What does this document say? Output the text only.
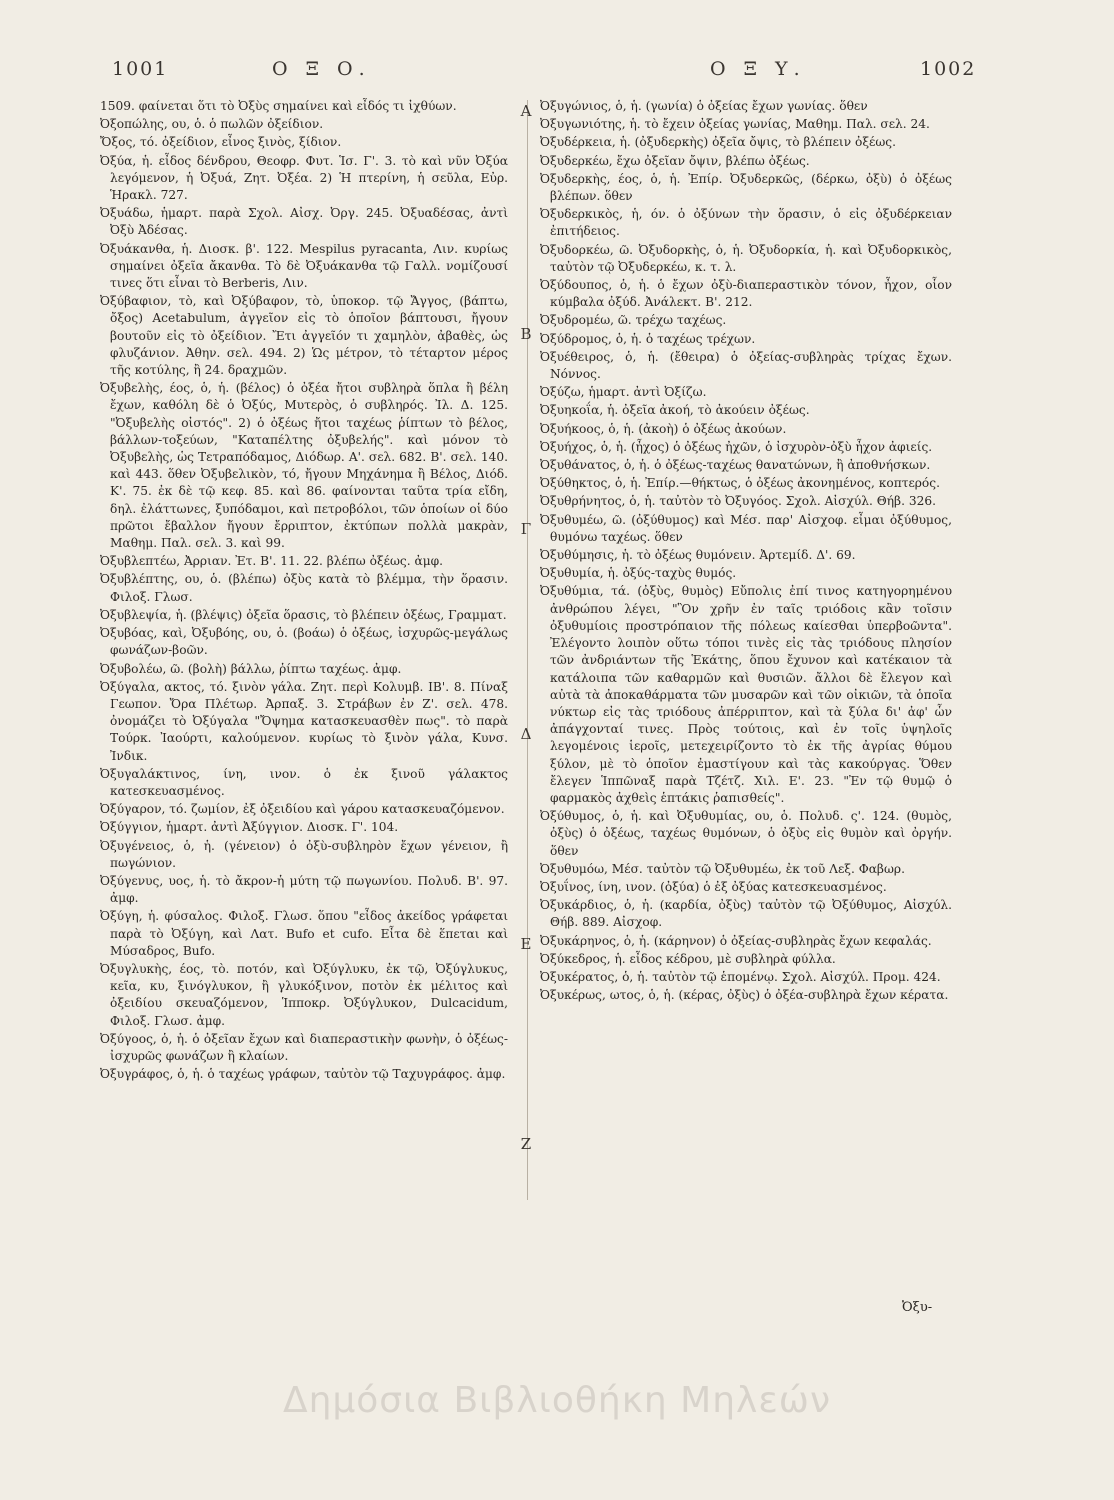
1001	Ο Ξ Ο.	Ο Ξ Υ.	1002
1509. φαίνεται ὅτι τὸ Ὀξὺς σημαίνει καὶ εἶδός τι ἰχθύων.
Ὀξοπώλης, ου, ὁ. ὁ πωλῶν ὀξείδιον.
Ὄξος, τό. ὀξείδιον, εἶνος ξινὸς, ξίδιον.
Ὀξύα, ἡ. εἶδος δένδρου, Θεοφρ. Φυτ. Ἱσ. Γ'. 3. τὸ καὶ νῦν Ὀξύα λεγόμενον, ἡ Ὀξυά, Ζητ. Ὀξέα. 2) Ἡ πτερίνη, ἡ σεῦλα, Εὐρ. Ἡρακλ. 727.
Ὀξυάδω, ἡμαρτ. παρὰ Σχολ. Αἰσχ. Ὀργ. 245. Ὀξυαδέσας, ἀντὶ Ὀξὺ Ἀδέσας.
Ὀξυάκανθα, ἡ. Διοσκ. β'. 122. Mespilus pyracanta, Λιν. κυρίως σημαίνει ὀξεῖα ἄκανθα. Τὸ δὲ Ὀξυάκανθα τῷ Γαλλ. νομίζουσί τινες ὅτι εἶναι τὸ Berberis, Λιν.
Ὀξύβαφιον, τὸ, καὶ Ὀξύβαφον, τὸ, ὑποκορ. τῷ Ἄγγος, (βάπτω, ὄξος) Acetabulum, ἀγγεῖον εἰς τὸ ὁποῖον βάπτουσι, ἤγουν βουτοῦν εἰς τὸ ὀξείδιον. Ἔτι ἀγγεῖόν τι χαμηλὸν, ἀβαθὲς, ὡς φλυζάνιον. Ἀθην. σελ. 494. 2) Ὡς μέτρον, τὸ τέταρτον μέρος τῆς κοτύλης, ἢ 24. δραχμῶν.
Ὀξυβελὴς, έος, ὁ, ἡ. (βέλος) ὁ ὀξέα ἤτοι συβληρὰ ὅπλα ἢ βέλη ἔχων, καθόλη δὲ ὁ Ὀξύς, Μυτερὸς, ὁ συβληρός. Ἰλ. Δ. 125. "Ὀξυβελὴς οἰστός". 2) ὁ ὀξέως ἤτοι ταχέως ῥίπτων τὸ βέλος, βάλλων-τοξεύων, "Καταπέλτης ὀξυβελής". καὶ μόνον τὸ Ὀξυβελὴς, ὡς Τετραπόδαμος, Διόδωρ. Α'. σελ. 682. Β'. σελ. 140. καὶ 443. ὅθεν Ὀξυβελικὸν, τό, ἤγουν Μηχάνημα ἢ Βέλος, Διόδ. Κ'. 75. ἐκ δὲ τῷ κεφ. 85. καὶ 86. φαίνονται ταῦτα τρία εἴδη, δηλ. ἐλάττωνες, ξυπόδαμοι, καὶ πετροβόλοι, τῶν ὁποίων οἱ δύο πρῶτοι ἔβαλλον ἤγουν ἔρριπτον, ἐκτύπων πολλὰ μακρὰν, Μαθημ. Παλ. σελ. 3. καὶ 99.
Ὀξυβλεπτέω, Ἀρριαν. Ἐτ. Β'. 11. 22. βλέπω ὀξέως. ἀμφ.
Ὀξυβλέπτης, ου, ὁ. (βλέπω) ὀξὺς κατὰ τὸ βλέμμα, τὴν ὅρασιν. Φιλοξ. Γλωσ.
Ὀξυβλεψία, ἡ. (βλέψις) ὀξεῖα ὅρασις, τὸ βλέπειν ὀξέως, Γραμματ.
Ὀξυβόας, καὶ, Ὀξυβόης, ου, ὁ. (βοάω) ὁ ὀξέως, ἰσχυρῶς-μεγάλως φωνάζων-βοῶν.
Ὀξυβολέω, ῶ. (βολὴ) βάλλω, ῥίπτω ταχέως. ἀμφ.
Ὀξύγαλα, ακτος, τό. ξινὸν γάλα. Ζητ. περὶ Κολυμβ. ΙΒ'. 8. Πίναξ Γεωπον. Ὄρα Πλέτωρ. Ἀρπαξ. 3. Στράβων ἐν Ζ'. σελ. 478. ὀνομάζει τὸ Ὀξύγαλα "Ὄψημα κατασκευασθὲν πως". τὸ παρὰ Τούρκ. Ἰαούρτι, καλούμενον. κυρίως τὸ ξινὸν γάλα, Κυνσ. Ἰνδικ.
Ὀξυγαλάκτινος, ίνη, ινον. ὁ ἐκ ξινοῦ γάλακτος κατεσκευασμένος.
Ὀξύγαρον, τό. ζωμίον, ἐξ ὀξειδίου καὶ γάρου κατασκευαζόμενον.
Ὀξύγγιον, ἡμαρτ. ἀντὶ Ἀξύγγιον. Διοσκ. Γ'. 104.
Ὀξυγένειος, ὁ, ἡ. (γένειον) ὁ ὀξὺ-συβληρὸν ἔχων γένειον, ἢ πωγώνιον.
Ὀξύγενυς, υος, ἡ. τὸ ἄκρον-ἡ μύτη τῷ πωγωνίου. Πολυδ. Β'. 97. ἀμφ.
Ὀξύγη, ἡ. φύσαλος. Φιλοξ. Γλωσ. ὅπου "εἶδος ἀκείδος γράφεται παρὰ τὸ Ὀξύγη, καὶ Λατ. Bufo et cufo. Εἶτα δὲ ἕπεται καὶ Μύσαδρος, Bufo.
Ὀξυγλυκὴς, έος, τὸ. ποτόν, καὶ Ὀξύγλυκυ, ἐκ τῷ, Ὀξύγλυκυς, κεῖα, κυ, ξινόγλυκον, ἢ γλυκόξινον, ποτὸν ἐκ μέλιτος καὶ ὀξειδίου σκευαζόμενον, Ἱπποκρ. Ὀξύγλυκον, Dulcacidum, Φιλοξ. Γλωσ. ἀμφ.
Ὀξύγοος, ὁ, ἡ. ὁ ὀξεῖαν ἔχων καὶ διαπεραστικὴν φωνὴν, ὁ ὀξέως-ἰσχυρῶς φωνάζων ἢ κλαίων.
Ὀξυγράφος, ὁ, ἡ. ὁ ταχέως γράφων, ταὐτὸν τῷ Ταχυγράφος. ἀμφ.
Ὀξυγώνιος, ὁ, ἡ. (γωνία) ὁ ὀξείας ἔχων γωνίας. ὅθεν
Ὀξυγωνιότης, ἡ. τὸ ἔχειν ὀξείας γωνίας, Μαθημ. Παλ. σελ. 24.
Ὀξυδέρκεια, ἡ. (ὀξυδερκὴς) ὀξεῖα ὄψις, τὸ βλέπειν ὀξέως.
Ὀξυδερκέω, ἔχω ὀξεῖαν ὄψιν, βλέπω ὀξέως.
Ὀξυδερκὴς, έος, ὁ, ἡ. Ἐπίρ. Ὀξυδερκῶς, (δέρκω, ὀξὺ) ὁ ὀξέως βλέπων. ὅθεν
Ὀξυδερκικὸς, ἡ, όν. ὁ ὀξύνων τὴν ὅρασιν, ὁ εἰς ὀξυδέρκειαν ἐπιτήδειος.
Ὀξυδορκέω, ῶ. Ὀξυδορκὴς, ὁ, ἡ. Ὀξυδορκία, ἡ. καὶ Ὀξυδορκικὸς, ταὐτὸν τῷ Ὀξυδερκέω, κ. τ. λ.
Ὀξύδουπος, ὁ, ἡ. ὁ ἔχων ὀξὺ-διαπεραστικὸν τόνον, ἦχον, οἷον κύμβαλα ὀξύδ. Ἀνάλεκτ. Β'. 212.
Ὀξυδρομέω, ῶ. τρέχω ταχέως.
Ὀξύδρομος, ὁ, ἡ. ὁ ταχέως τρέχων.
Ὀξυέθειρος, ὁ, ἡ. (ἔθειρα) ὁ ὀξείας-συβληρὰς τρίχας ἔχων. Νόννος.
Ὀξύζω, ἡμαρτ. ἀντὶ Ὀξίζω.
Ὀξυηκοΐα, ἡ. ὀξεῖα ἀκοή, τὸ ἀκούειν ὀξέως.
Ὀξυήκοος, ὁ, ἡ. (ἀκοὴ) ὁ ὀξέως ἀκούων.
Ὀξυήχος, ὁ, ἡ. (ἦχος) ὁ ὀξέως ἠχῶν, ὁ ἰσχυρὸν-ὀξὺ ἦχον ἀφιείς.
Ὀξυθάνατος, ὁ, ἡ. ὁ ὀξέως-ταχέως θανατώνων, ἢ ἀποθνήσκων.
Ὀξύθηκτος, ὁ, ἡ. Ἐπίρ.—θήκτως, ὁ ὀξέως ἀκονημένος, κοπτερός.
Ὀξυθρήνητος, ὁ, ἡ. ταὐτὸν τὸ Ὀξυγόος. Σχολ. Αἰσχύλ. Θήβ. 326.
Ὀξυθυμέω, ῶ. (ὀξύθυμος) καὶ Μέσ. παρ' Αἰσχοφ. εἶμαι ὀξύθυμος, θυμόνω ταχέως. ὅθεν
Ὀξυθύμησις, ἡ. τὸ ὀξέως θυμόνειν. Ἀρτεμίδ. Δ'. 69.
Ὀξυθυμία, ἡ. ὀξύς-ταχὺς θυμός.
Ὀξυθύμια, τά. (ὀξὺς, θυμὸς) Εὔπολις ἐπί τινος κατηγορημένου ἀνθρώπου λέγει, "Ὃν χρῆν ἐν ταῖς τριόδοις κἂν τοῖσιν ὀξυθυμίοις προστρόπαιον τῆς πόλεως καίεσθαι ὑπερβοῶντα". Ἐλέγοντο λοιπὸν οὕτω τόποι τινὲς εἰς τὰς τριόδους πλησίον τῶν ἀνδριάντων τῆς Ἑκάτης, ὅπου ἔχυνον καὶ κατέκαιον τὰ κατάλοιπα τῶν καθαρμῶν καὶ θυσιῶν. ἄλλοι δὲ ἔλεγον καὶ αὐτὰ τὰ ἀποκαθάρματα τῶν μυσαρῶν καὶ τῶν οἰκιῶν, τὰ ὁποῖα νύκτωρ εἰς τὰς τριόδους ἀπέρριπτον, καὶ τὰ ξύλα δι' ἀφ' ὧν ἀπάγχονταί τινες. Πρὸς τούτοις, καὶ ἐν τοῖς ὑψηλοῖς λεγομένοις ἱεροῖς, μετεχειρίζοντο τὸ ἐκ τῆς ἀγρίας θύμου ξύλον, μὲ τὸ ὁποῖον ἐμαστίγουν καὶ τὰς κακούργας. Ὅθεν ἔλεγεν Ἱππῶναξ παρὰ Τζέτζ. Χιλ. Ε'. 23. "Ἐν τῷ θυμῷ ὁ φαρμακὸς ἀχθεὶς ἑπτάκις ῥαπισθείς".
Ὀξύθυμος, ὁ, ἡ. καὶ Ὀξυθυμίας, ου, ὁ. Πολυδ. ς'. 124. (θυμὸς, ὀξὺς) ὁ ὀξέως, ταχέως θυμόνων, ὁ ὀξὺς εἰς θυμὸν καὶ ὀργήν. ὅθεν
Ὀξυθυμόω, Μέσ. ταὐτὸν τῷ Ὀξυθυμέω, ἐκ τοῦ Λεξ. Φαβωρ.
Ὀξυΐνος, ίνη, ινον. (ὀξύα) ὁ ἐξ ὀξύας κατεσκευασμένος.
Ὀξυκάρδιος, ὁ, ἡ. (καρδία, ὀξὺς) ταὐτὸν τῷ Ὀξύθυμος, Αἰσχύλ. Θήβ. 889. Αἰσχοφ.
Ὀξυκάρηνος, ὁ, ἡ. (κάρηνον) ὁ ὀξείας-συβληρὰς ἔχων κεφαλάς.
Ὀξύκεδρος, ἡ. εἶδος κέδρου, μὲ συβληρὰ φύλλα.
Ὀξυκέρατος, ὁ, ἡ. ταὐτὸν τῷ ἑπομένῳ. Σχολ. Αἰσχύλ. Προμ. 424.
Ὀξυκέρως, ωτος, ὁ, ἡ. (κέρας, ὀξὺς) ὁ ὀξέα-συβληρὰ ἔχων κέρατα.
Α
Β
Γ
Δ
Ε
Ζ
Ὀξυ-
Δημόσια Βιβλιοθήκη Μηλεών
